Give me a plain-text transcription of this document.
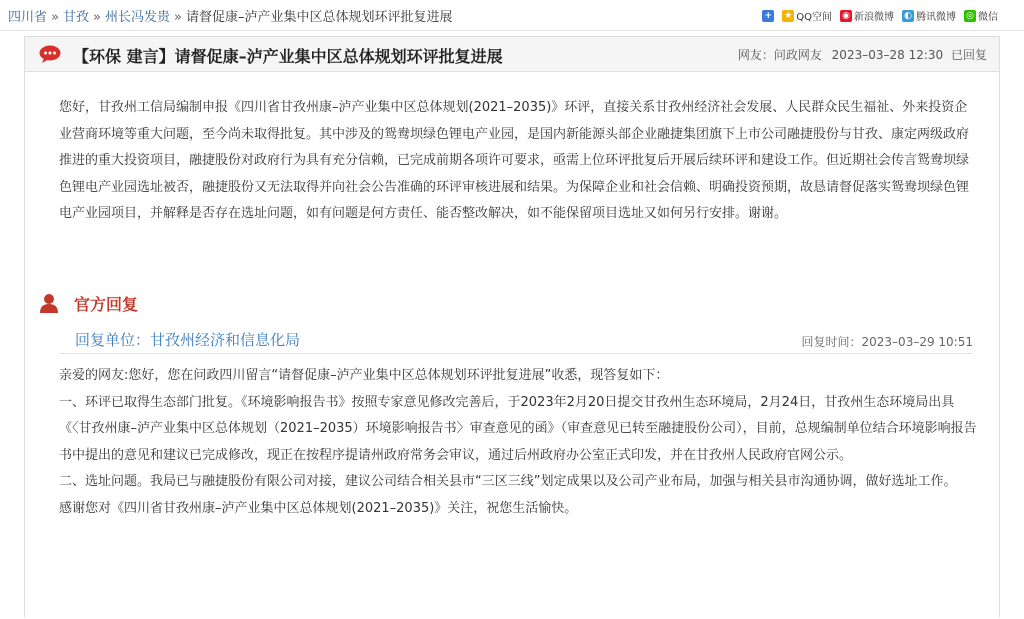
四川省 » 甘孜 » 州长冯发贵 » 请督促康–泸产业集中区总体规划环评批复进展	+ ★ QQ空间 ◉ 新浪微博 ◐ 腾讯微博 ◎ 微信
【环保 建言】请督促康–泸产业集中区总体规划环评批复进展	网友：问政网友 2023–03–28 12:30 已回复

您好，甘孜州工信局编制申报《四川省甘孜州康–泸产业集中区总体规划(2021–2035)》环评，直接关系甘孜州经济社会发展、人民群众民生福祉、外来投资企业营商环境等重大问题，至今尚未取得批复。其中涉及的鸳鸯坝绿色锂电产业园，是国内新能源头部企业融捷集团旗下上市公司融捷股份与甘孜、康定两级政府推进的重大投资项目，融捷股份对政府行为具有充分信赖，已完成前期各项许可要求，亟需上位环评批复后开展后续环评和建设工作。但近期社会传言鸳鸯坝绿色锂电产业园选址被否，融捷股份又无法取得并向社会公告准确的环评审核进展和结果。为保障企业和社会信赖、明确投资预期，故恳请督促落实鸳鸯坝绿色锂电产业园项目，并解释是否存在选址问题，如有问题是何方责任、能否整改解决，如不能保留项目选址又如何另行安排。谢谢。

官方回复
回复单位：甘孜州经济和信息化局	回复时间：2023–03–29 10:51

亲爱的网友:您好，您在问政四川留言“请督促康–泸产业集中区总体规划环评批复进展”收悉，现答复如下：

一、环评已取得生态部门批复。《环境影响报告书》按照专家意见修改完善后，于2023年2月20日提交甘孜州生态环境局，2月24日，甘孜州生态环境局出具《〈甘孜州康–泸产业集中区总体规划（2021–2035）环境影响报告书〉审查意见的函》（审查意见已转至融捷股份公司），目前，总规编制单位结合环境影响报告书中提出的意见和建议已完成修改，现正在按程序提请州政府常务会审议，通过后州政府办公室正式印发，并在甘孜州人民政府官网公示。

二、选址问题。我局已与融捷股份有限公司对接，建议公司结合相关县市“三区三线”划定成果以及公司产业布局，加强与相关县市沟通协调，做好选址工作。

感谢您对《四川省甘孜州康–泸产业集中区总体规划(2021–2035)》关注，祝您生活愉快。
